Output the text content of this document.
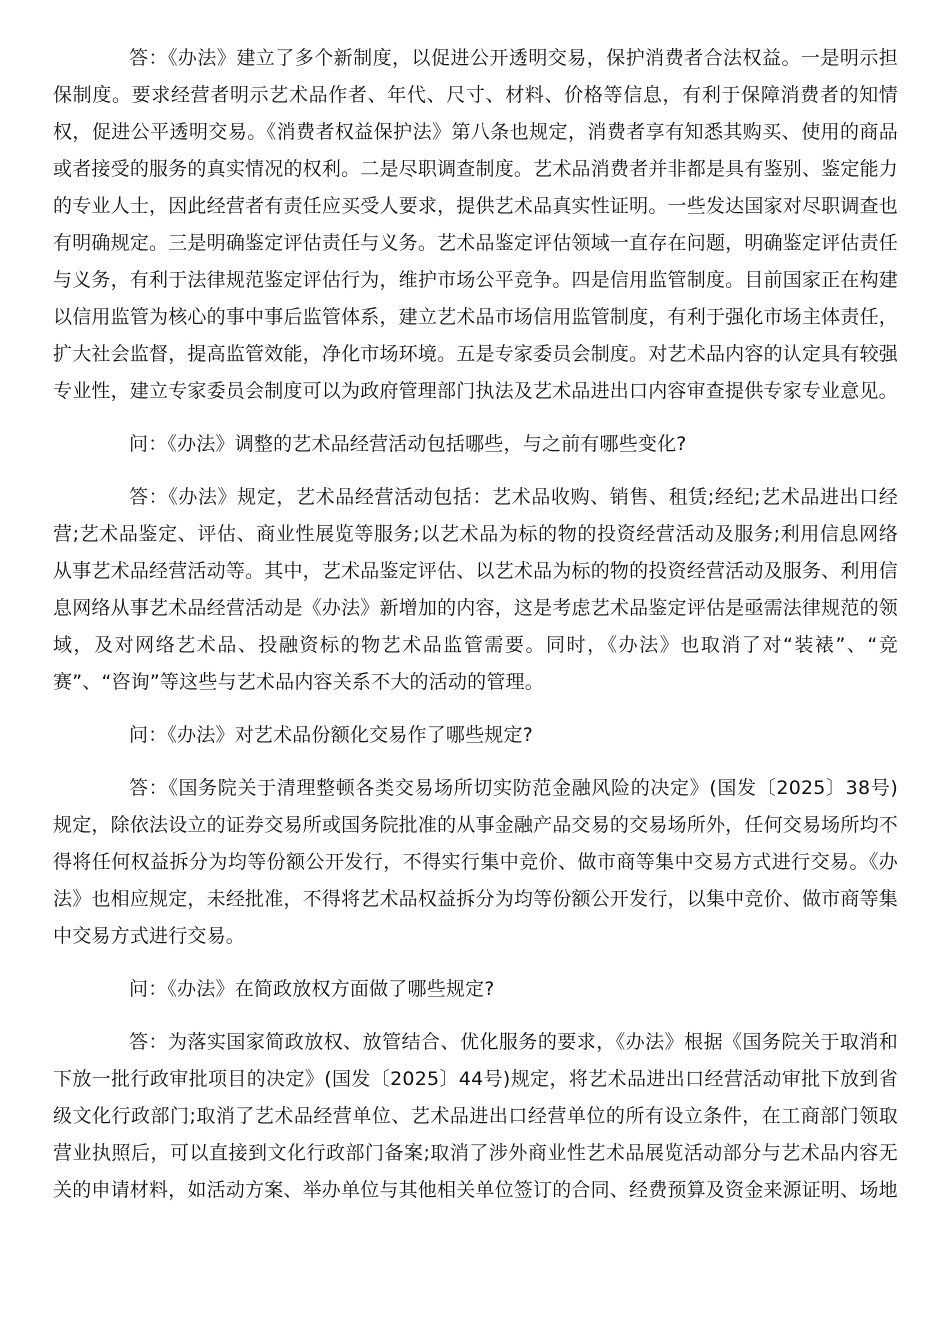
答：《办法》建立了多个新制度，以促进公开透明交易，保护消费者合法权益。一是明示担保制度。要求经营者明示艺术品作者、年代、尺寸、材料、价格等信息，有利于保障消费者的知情权，促进公平透明交易。《消费者权益保护法》第八条也规定，消费者享有知悉其购买、使用的商品或者接受的服务的真实情况的权利。二是尽职调查制度。艺术品消费者并非都是具有鉴别、鉴定能力的专业人士，因此经营者有责任应买受人要求，提供艺术品真实性证明。一些发达国家对尽职调查也有明确规定。三是明确鉴定评估责任与义务。艺术品鉴定评估领域一直存在问题，明确鉴定评估责任与义务，有利于法律规范鉴定评估行为，维护市场公平竞争。四是信用监管制度。目前国家正在构建以信用监管为核心的事中事后监管体系，建立艺术品市场信用监管制度，有利于强化市场主体责任，扩大社会监督，提高监管效能，净化市场环境。五是专家委员会制度。对艺术品内容的认定具有较强专业性，建立专家委员会制度可以为政府管理部门执法及艺术品进出口内容审查提供专家专业意见。

问：《办法》调整的艺术品经营活动包括哪些，与之前有哪些变化?

答：《办法》规定，艺术品经营活动包括：艺术品收购、销售、租赁;经纪;艺术品进出口经营;艺术品鉴定、评估、商业性展览等服务;以艺术品为标的物的投资经营活动及服务;利用信息网络从事艺术品经营活动等。其中，艺术品鉴定评估、以艺术品为标的物的投资经营活动及服务、利用信息网络从事艺术品经营活动是《办法》新增加的内容，这是考虑艺术品鉴定评估是亟需法律规范的领域，及对网络艺术品、投融资标的物艺术品监管需要。同时，《办法》也取消了对“装裱”、“竞赛”、“咨询”等这些与艺术品内容关系不大的活动的管理。

问：《办法》对艺术品份额化交易作了哪些规定?

答：《国务院关于清理整顿各类交易场所切实防范金融风险的决定》(国发〔2025〕38号)规定，除依法设立的证券交易所或国务院批准的从事金融产品交易的交易场所外，任何交易场所均不得将任何权益拆分为均等份额公开发行，不得实行集中竞价、做市商等集中交易方式进行交易。《办法》也相应规定，未经批准，不得将艺术品权益拆分为均等份额公开发行，以集中竞价、做市商等集中交易方式进行交易。

问：《办法》在简政放权方面做了哪些规定?

答：为落实国家简政放权、放管结合、优化服务的要求，《办法》根据《国务院关于取消和下放一批行政审批项目的决定》(国发〔2025〕44号)规定，将艺术品进出口经营活动审批下放到省级文化行政部门;取消了艺术品经营单位、艺术品进出口经营单位的所有设立条件，在工商部门领取营业执照后，可以直接到文化行政部门备案;取消了涉外商业性艺术品展览活动部分与艺术品内容无关的申请材料，如活动方案、举办单位与其他相关单位签订的合同、经费预算及资金来源证明、场地
